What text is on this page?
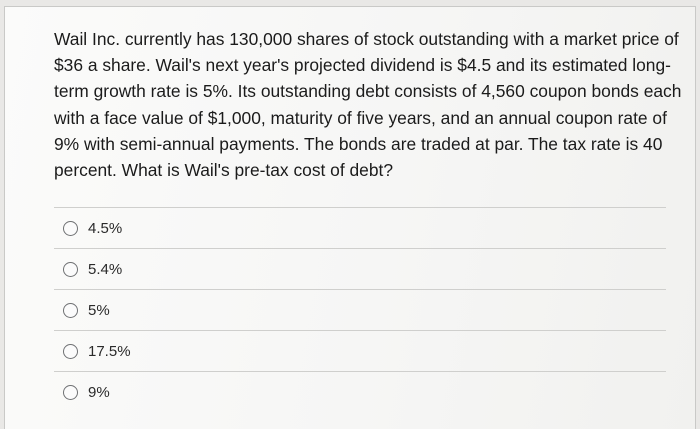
Wail Inc. currently has 130,000 shares of stock outstanding with a market price of
$36 a share. Wail's next year's projected dividend is $4.5 and its estimated long-
term growth rate is 5%. Its outstanding debt consists of 4,560 coupon bonds each
with a face value of $1,000, maturity of five years, and an annual coupon rate of
9% with semi-annual payments. The bonds are traded at par. The tax rate is 40
percent. What is Wail's pre-tax cost of debt?

4.5%
5.4%
5%
17.5%
9%
